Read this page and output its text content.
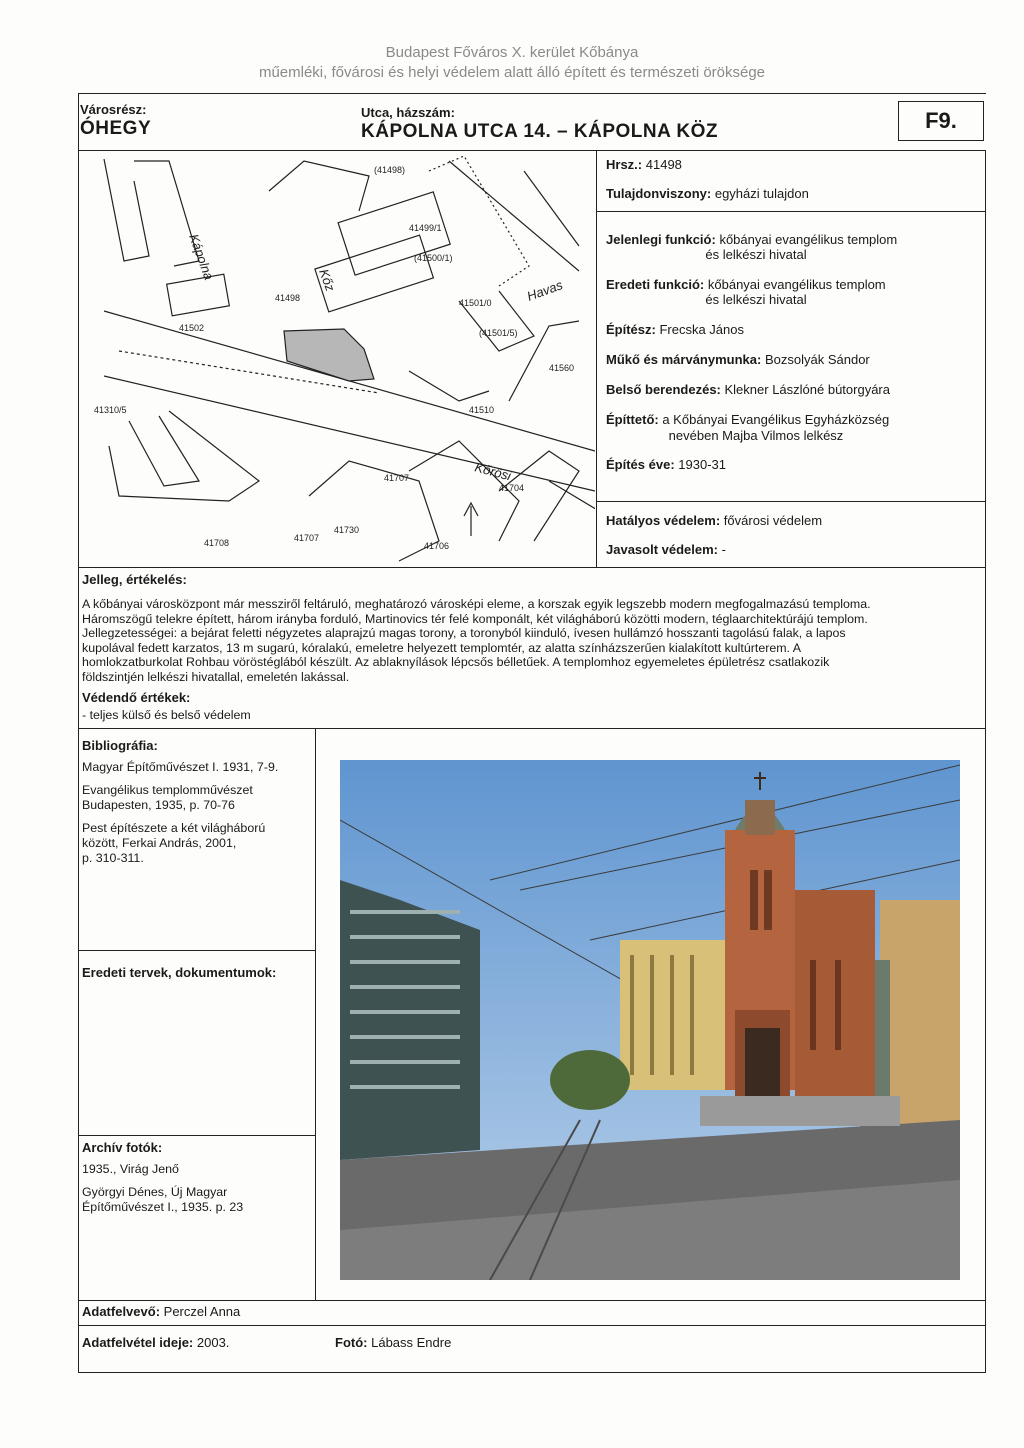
Budapest Főváros X. kerület Kőbánya
műemléki, fővárosi és helyi védelem alatt álló épített és természeti öröksége
Városrész:
ÓHEGY
Utca, házszám:
KÁPOLNA UTCA 14. – KÁPOLNA KÖZ	F9.
(41498)
41499/1
(41500/1)
41501/0
(41501/5)
41498
41502
41560
41310/5	41510
41707
41730
41707
41708	41706
41704
Kápolna	Kőz	Havas
Kőrösi
Hrsz.: 41498
Tulajdonviszony: egyházi tulajdon
Jelenlegi funkció: kőbányai evangélikus templom
és lelkészi hivatal
Eredeti funkció: kőbányai evangélikus templom
és lelkészi hivatal
Építész: Frecska János
Műkő és márványmunka: Bozsolyák Sándor
Belső berendezés: Klekner Lászlóné bútorgyára
Építtető: a Kőbányai Evangélikus Egyházközség
nevében Majba Vilmos lelkész
Építés éve: 1930-31
Hatályos védelem: fővárosi védelem
Javasolt védelem: -
Jelleg, értékelés:
A kőbányai városközpont már messziről feltáruló, meghatározó városképi eleme, a korszak egyik legszebb modern megfogalmazású temploma.
Háromszögű telekre épített, három irányba forduló, Martinovics tér felé komponált, két világháború közötti modern, téglaarchitektúrájú templom.
Jellegzetességei: a bejárat feletti négyzetes alaprajzú magas torony, a toronyból kiinduló, ívesen hullámzó hosszanti tagolású falak, a lapos
kupolával fedett karzatos, 13 m sugarú, kóralakú, emeletre helyezett templomtér, az alatta színházszerűen kialakított kultúrterem. A
homlokzatburkolat Rohbau vöröstéglából készült. Az ablaknyílások lépcsős bélletűek. A templomhoz egyemeletes épületrész csatlakozik
földszintjén lelkészi hivatallal, emeletén lakással.
Védendő értékek:
- teljes külső és belső védelem
Bibliográfia:
Magyar Építőművészet I. 1931, 7-9.
Evangélikus templomművészet
Budapesten, 1935, p. 70-76
Pest építészete a két világháború
között, Ferkai András, 2001,
p. 310-311.
Eredeti tervek, dokumentumok:
Archív fotók:
1935., Virág Jenő
Györgyi Dénes, Új Magyar
Építőművészet I., 1935. p. 23
Adatfelvevő: Perczel Anna
Adatfelvétel ideje: 2003.	Fotó: Lábass Endre
